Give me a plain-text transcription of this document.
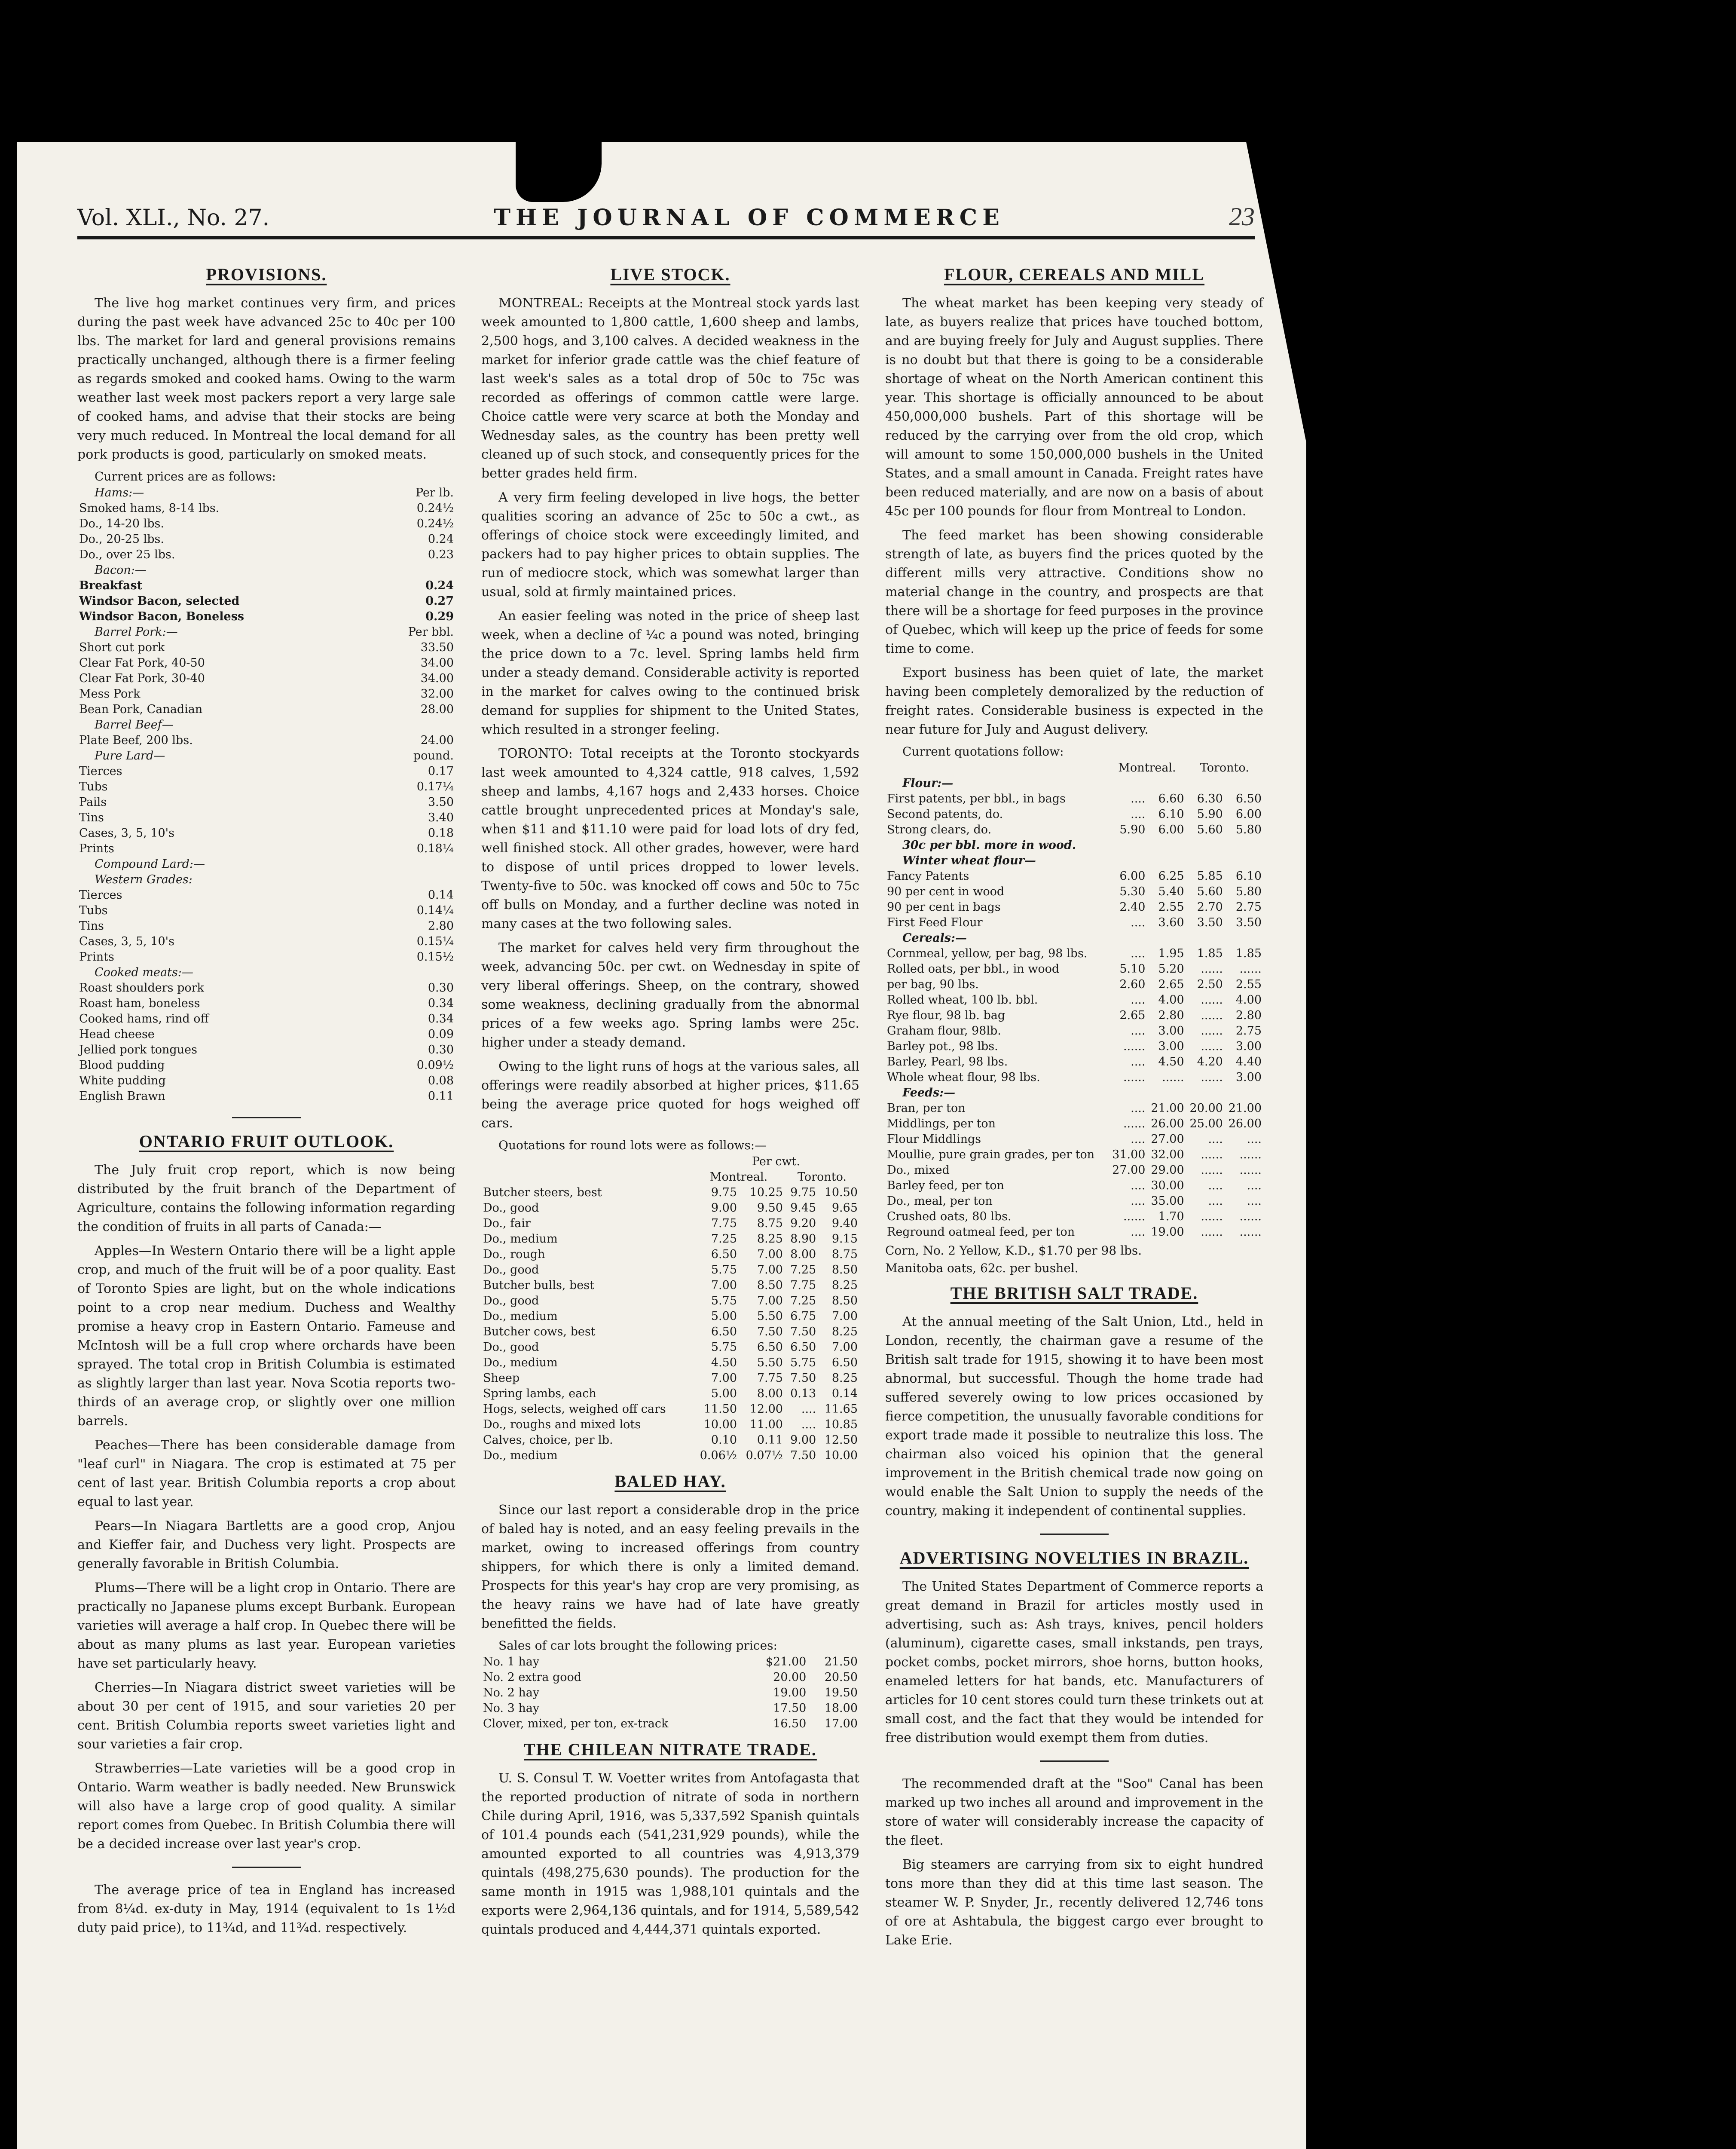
Vol. XLI., No. 27.	THE JOURNAL OF COMMERCE	23
PROVISIONS.

The live hog market continues very firm, and prices during the past week have advanced 25c to 40c per 100 lbs. The market for lard and general provisions remains practically unchanged, although there is a firmer feeling as regards smoked and cooked hams. Owing to the warm weather last week most packers report a very large sale of cooked hams, and advise that their stocks are being very much reduced. In Montreal the local demand for all pork products is good, particularly on smoked meats.

Current prices are as follows:
Hams:—	Per lb.
Smoked hams, 8-14 lbs.	0.24½
Do., 14-20 lbs.	0.24½
Do., 20-25 lbs.	0.24
Do., over 25 lbs.	0.23
Bacon:—	
Breakfast	0.24
Windsor Bacon, selected	0.27
Windsor Bacon, Boneless	0.29
Barrel Pork:—	Per bbl.
Short cut pork	33.50
Clear Fat Pork, 40-50	34.00
Clear Fat Pork, 30-40	34.00
Mess Pork	32.00
Bean Pork, Canadian	28.00
Barrel Beef—	
Plate Beef, 200 lbs.	24.00
Pure Lard—	pound.
Tierces	0.17
Tubs	0.17¼
Pails	3.50
Tins	3.40
Cases, 3, 5, 10's	0.18
Prints	0.18¼
Compound Lard:—	
Western Grades:	
Tierces	0.14
Tubs	0.14¼
Tins	2.80
Cases, 3, 5, 10's	0.15¼
Prints	0.15½
Cooked meats:—	
Roast shoulders pork	0.30
Roast ham, boneless	0.34
Cooked hams, rind off	0.34
Head cheese	0.09
Jellied pork tongues	0.30
Blood pudding	0.09½
White pudding	0.08
English Brawn	0.11
ONTARIO FRUIT OUTLOOK.

The July fruit crop report, which is now being distributed by the fruit branch of the Department of Agriculture, contains the following information regarding the condition of fruits in all parts of Canada:—

Apples—In Western Ontario there will be a light apple crop, and much of the fruit will be of a poor quality. East of Toronto Spies are light, but on the whole indications point to a crop near medium. Duchess and Wealthy promise a heavy crop in Eastern Ontario. Fameuse and McIntosh will be a full crop where orchards have been sprayed. The total crop in British Columbia is estimated as slightly larger than last year. Nova Scotia reports two-thirds of an average crop, or slightly over one million barrels.

Peaches—There has been considerable damage from "leaf curl" in Niagara. The crop is estimated at 75 per cent of last year. British Columbia reports a crop about equal to last year.

Pears—In Niagara Bartletts are a good crop, Anjou and Kieffer fair, and Duchess very light. Prospects are generally favorable in British Columbia.

Plums—There will be a light crop in Ontario. There are practically no Japanese plums except Burbank. European varieties will average a half crop. In Quebec there will be about as many plums as last year. European varieties have set particularly heavy.

Cherries—In Niagara district sweet varieties will be about 30 per cent of 1915, and sour varieties 20 per cent. British Columbia reports sweet varieties light and sour varieties a fair crop.

Strawberries—Late varieties will be a good crop in Ontario. Warm weather is badly needed. New Brunswick will also have a large crop of good quality. A similar report comes from Quebec. In British Columbia there will be a decided increase over last year's crop.

The average price of tea in England has increased from 8¼d. ex-duty in May, 1914 (equivalent to 1s 1½d duty paid price), to 11¾d, and 11¾d. respectively.

LIVE STOCK.

MONTREAL: Receipts at the Montreal stock yards last week amounted to 1,800 cattle, 1,600 sheep and lambs, 2,500 hogs, and 3,100 calves. A decided weakness in the market for inferior grade cattle was the chief feature of last week's sales as a total drop of 50c to 75c was recorded as offerings of common cattle were large. Choice cattle were very scarce at both the Monday and Wednesday sales, as the country has been pretty well cleaned up of such stock, and consequently prices for the better grades held firm.

A very firm feeling developed in live hogs, the better qualities scoring an advance of 25c to 50c a cwt., as offerings of choice stock were exceedingly limited, and packers had to pay higher prices to obtain supplies. The run of mediocre stock, which was somewhat larger than usual, sold at firmly maintained prices.

An easier feeling was noted in the price of sheep last week, when a decline of ¼c a pound was noted, bringing the price down to a 7c. level. Spring lambs held firm under a steady demand. Considerable activity is reported in the market for calves owing to the continued brisk demand for supplies for shipment to the United States, which resulted in a stronger feeling.

TORONTO: Total receipts at the Toronto stockyards last week amounted to 4,324 cattle, 918 calves, 1,592 sheep and lambs, 4,167 hogs and 2,433 horses. Choice cattle brought unprecedented prices at Monday's sale, when $11 and $11.10 were paid for load lots of dry fed, well finished stock. All other grades, however, were hard to dispose of until prices dropped to lower levels. Twenty-five to 50c. was knocked off cows and 50c to 75c off bulls on Monday, and a further decline was noted in many cases at the two following sales.

The market for calves held very firm throughout the week, advancing 50c. per cwt. on Wednesday in spite of very liberal offerings. Sheep, on the contrary, showed some weakness, declining gradually from the abnormal prices of a few weeks ago. Spring lambs were 25c. higher under a steady demand.

Owing to the light runs of hogs at the various sales, all offerings were readily absorbed at higher prices, $11.65 being the average price quoted for hogs weighed off cars.

Quotations for round lots were as follows:—
	Per cwt.			
	Montreal.		Toronto.	
Butcher steers, best	9.75	10.25	9.75	10.50
Do., good	9.00	9.50	9.45	9.65
Do., fair	7.75	8.75	9.20	9.40
Do., medium	7.25	8.25	8.90	9.15
Do., rough	6.50	7.00	8.00	8.75
Do., good	5.75	7.00	7.25	8.50
Butcher bulls, best	7.00	8.50	7.75	8.25
Do., good	5.75	7.00	7.25	8.50
Do., medium	5.00	5.50	6.75	7.00
Butcher cows, best	6.50	7.50	7.50	8.25
Do., good	5.75	6.50	6.50	7.00
Do., medium	4.50	5.50	5.75	6.50
Sheep	7.00	7.75	7.50	8.25
Spring lambs, each	5.00	8.00	0.13	0.14
Hogs, selects, weighed off cars	11.50	12.00	....	11.65
Do., roughs and mixed lots	10.00	11.00	....	10.85
Calves, choice, per lb.	0.10	0.11	9.00	12.50
Do., medium	0.06½	0.07½	7.50	10.00
BALED HAY.

Since our last report a considerable drop in the price of baled hay is noted, and an easy feeling prevails in the market, owing to increased offerings from country shippers, for which there is only a limited demand. Prospects for this year's hay crop are very promising, as the heavy rains we have had of late have greatly benefitted the fields.

Sales of car lots brought the following prices:
No. 1 hay	$21.00	21.50
No. 2 extra good	20.00	20.50
No. 2 hay	19.00	19.50
No. 3 hay	17.50	18.00
Clover, mixed, per ton, ex-track	16.50	17.00
THE CHILEAN NITRATE TRADE.

U. S. Consul T. W. Voetter writes from Antofagasta that the reported production of nitrate of soda in northern Chile during April, 1916, was 5,337,592 Spanish quintals of 101.4 pounds each (541,231,929 pounds), while the amounted exported to all countries was 4,913,379 quintals (498,275,630 pounds). The production for the same month in 1915 was 1,988,101 quintals and the exports were 2,964,136 quintals, and for 1914, 5,589,542 quintals produced and 4,444,371 quintals exported.

FLOUR, CEREALS AND MILL

The wheat market has been keeping very steady of late, as buyers realize that prices have touched bottom, and are buying freely for July and August supplies. There is no doubt but that there is going to be a considerable shortage of wheat on the North American continent this year. This shortage is officially announced to be about 450,000,000 bushels. Part of this shortage will be reduced by the carrying over from the old crop, which will amount to some 150,000,000 bushels in the United States, and a small amount in Canada. Freight rates have been reduced materially, and are now on a basis of about 45c per 100 pounds for flour from Montreal to London.

The feed market has been showing considerable strength of late, as buyers find the prices quoted by the different mills very attractive. Conditions show no material change in the country, and prospects are that there will be a shortage for feed purposes in the province of Quebec, which will keep up the price of feeds for some time to come.

Export business has been quiet of late, the market having been completely demoralized by the reduction of freight rates. Considerable business is expected in the near future for July and August delivery.

Current quotations follow:
	Montreal.		Toronto.	
Flour:—				
First patents, per bbl., in bags	....	6.60	6.30	6.50
Second patents, do.	....	6.10	5.90	6.00
Strong clears, do.	5.90	6.00	5.60	5.80
30c per bbl. more in wood.				
Winter wheat flour—				
Fancy Patents	6.00	6.25	5.85	6.10
90 per cent in wood	5.30	5.40	5.60	5.80
90 per cent in bags	2.40	2.55	2.70	2.75
First Feed Flour	....	3.60	3.50	3.50
Cereals:—				
Cornmeal, yellow, per bag, 98 lbs.	....	1.95	1.85	1.85
Rolled oats, per bbl., in wood	5.10	5.20	......	......
per bag, 90 lbs.	2.60	2.65	2.50	2.55
Rolled wheat, 100 lb. bbl.	....	4.00	......	4.00
Rye flour, 98 lb. bag	2.65	2.80	......	2.80
Graham flour, 98lb.	....	3.00	......	2.75
Barley pot., 98 lbs.	......	3.00	......	3.00
Barley, Pearl, 98 lbs.	....	4.50	4.20	4.40
Whole wheat flour, 98 lbs.	......	......	......	3.00
Feeds:—				
Bran, per ton	....	21.00	20.00	21.00
Middlings, per ton	......	26.00	25.00	26.00
Flour Middlings	....	27.00	....	....
Moullie, pure grain grades, per ton	31.00	32.00	......	......
Do., mixed	27.00	29.00	......	......
Barley feed, per ton	....	30.00	....	....
Do., meal, per ton	....	35.00	....	....
Crushed oats, 80 lbs.	......	1.70	......	......
Reground oatmeal feed, per ton	....	19.00	......	......
Corn, No. 2 Yellow, K.D., $1.70 per 98 lbs.
Manitoba oats, 62c. per bushel.
THE BRITISH SALT TRADE.

At the annual meeting of the Salt Union, Ltd., held in London, recently, the chairman gave a resume of the British salt trade for 1915, showing it to have been most abnormal, but successful. Though the home trade had suffered severely owing to low prices occasioned by fierce competition, the unusually favorable conditions for export trade made it possible to neutralize this loss. The chairman also voiced his opinion that the general improvement in the British chemical trade now going on would enable the Salt Union to supply the needs of the country, making it independent of continental supplies.

ADVERTISING NOVELTIES IN BRAZIL.

The United States Department of Commerce reports a great demand in Brazil for articles mostly used in advertising, such as: Ash trays, knives, pencil holders (aluminum), cigarette cases, small inkstands, pen trays, pocket combs, pocket mirrors, shoe horns, button hooks, enameled letters for hat bands, etc. Manufacturers of articles for 10 cent stores could turn these trinkets out at small cost, and the fact that they would be intended for free distribution would exempt them from duties.

The recommended draft at the "Soo" Canal has been marked up two inches all around and improvement in the store of water will considerably increase the capacity of the fleet.

Big steamers are carrying from six to eight hundred tons more than they did at this time last season. The steamer W. P. Snyder, Jr., recently delivered 12,746 tons of ore at Ashtabula, the biggest cargo ever brought to Lake Erie.
